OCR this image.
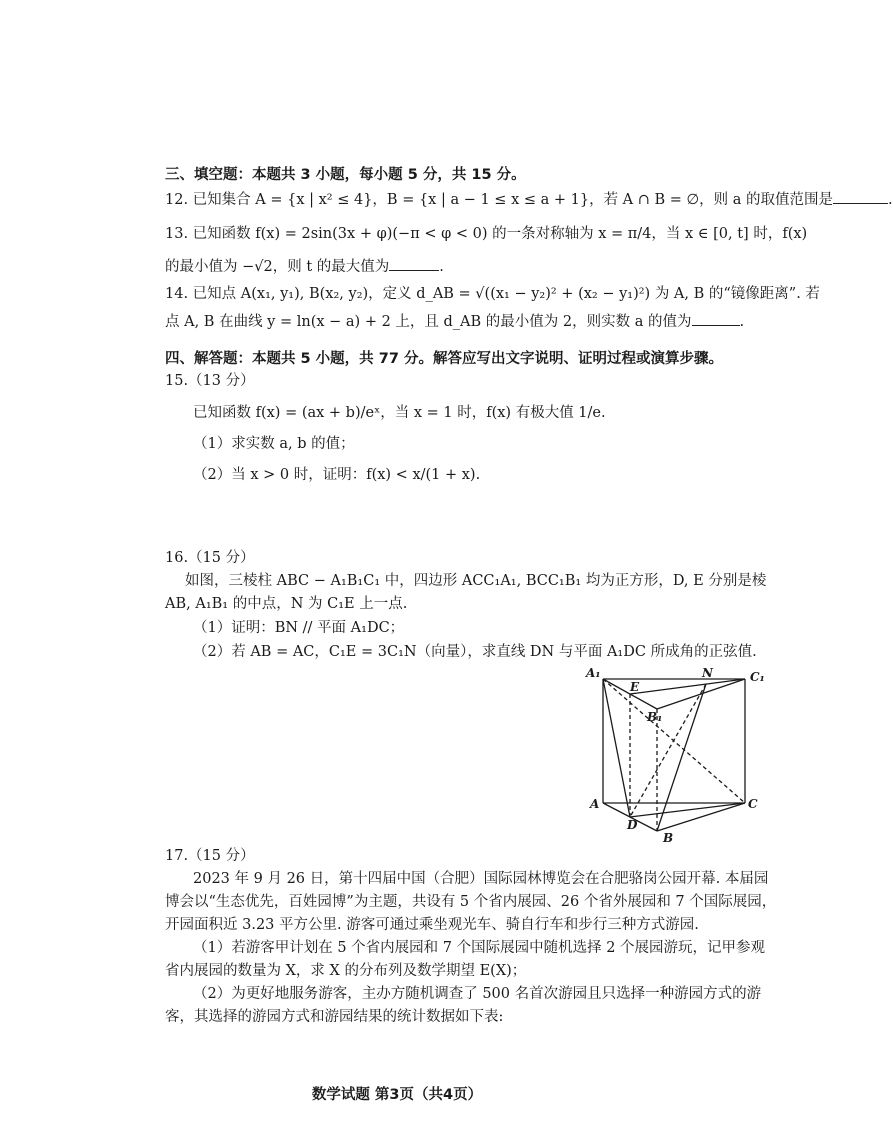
三、填空题：本题共 3 小题，每小题 5 分，共 15 分。
12. 已知集合 A = {x | x² ≤ 4}，B = {x | a − 1 ≤ x ≤ a + 1}，若 A ∩ B = ∅，则 a 的取值范围是	.
13. 已知函数 f(x) = 2sin(3x + φ)(−π < φ < 0) 的一条对称轴为 x = π/4，当 x ∈ [0, t] 时，f(x)
的最小值为 −√2，则 t 的最大值为	.
14. 已知点 A(x₁, y₁), B(x₂, y₂)，定义 d_AB = √((x₁ − y₂)² + (x₂ − y₁)²) 为 A, B 的“镜像距离”. 若
点 A, B 在曲线 y = ln(x − a) + 2 上，且 d_AB 的最小值为 2，则实数 a 的值为	.
四、解答题：本题共 5 小题，共 77 分。解答应写出文字说明、证明过程或演算步骤。
15.（13 分）
已知函数 f(x) = (ax + b)/eˣ，当 x = 1 时，f(x) 有极大值 1/e.
（1）求实数 a, b 的值；
（2）当 x > 0 时，证明：f(x) < x/(1 + x).
16.（15 分）
如图，三棱柱 ABC − A₁B₁C₁ 中，四边形 ACC₁A₁, BCC₁B₁ 均为正方形，D, E 分别是棱
AB, A₁B₁ 的中点，N 为 C₁E 上一点.
（1）证明：BN // 平面 A₁DC；
（2）若 AB = AC，C₁E = 3C₁N（向量），求直线 DN 与平面 A₁DC 所成角的正弦值.
A₁
E
N	C₁
B₁
A
D
B
C
17.（15 分）
2023 年 9 月 26 日，第十四届中国（合肥）国际园林博览会在合肥骆岗公园开幕. 本届园
博会以“生态优先，百姓园博”为主题，共设有 5 个省内展园、26 个省外展园和 7 个国际展园，
开园面积近 3.23 平方公里. 游客可通过乘坐观光车、骑自行车和步行三种方式游园.
（1）若游客甲计划在 5 个省内展园和 7 个国际展园中随机选择 2 个展园游玩，记甲参观
省内展园的数量为 X，求 X 的分布列及数学期望 E(X)；
（2）为更好地服务游客，主办方随机调查了 500 名首次游园且只选择一种游园方式的游
客，其选择的游园方式和游园结果的统计数据如下表:
数学试题 第3页（共4页）
